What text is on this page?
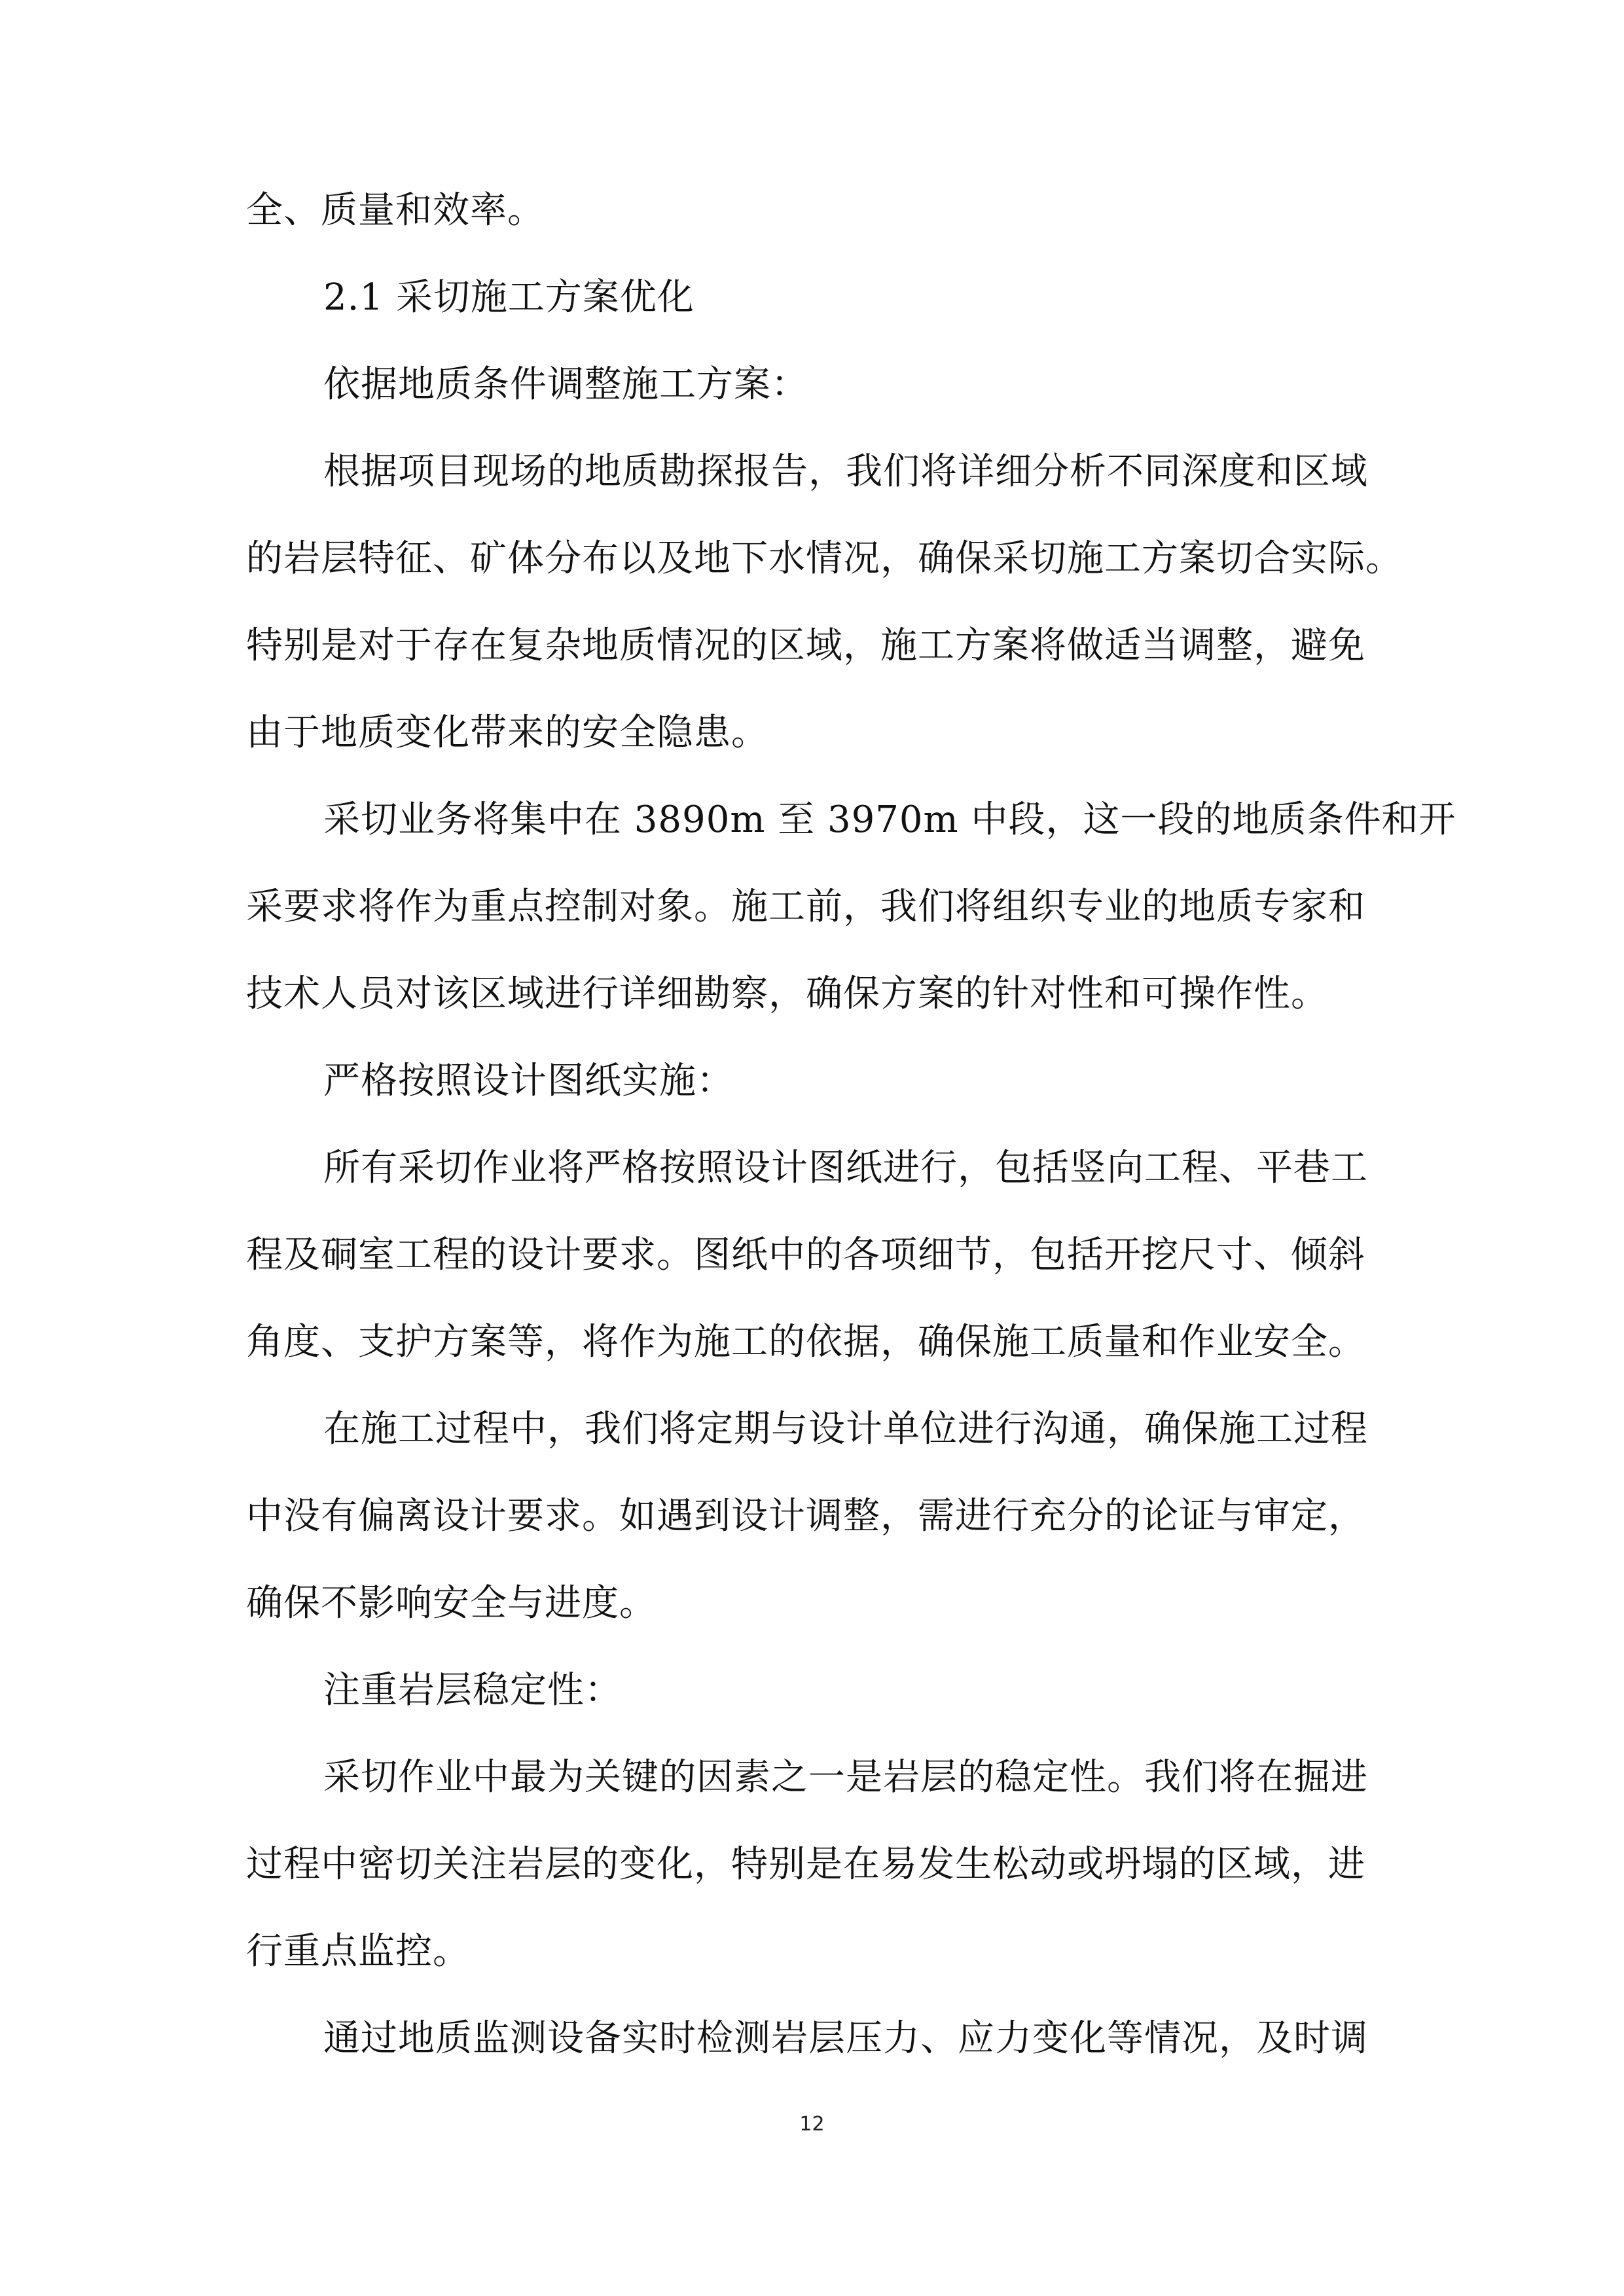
全、质量和效率。
2.1 采切施工方案优化
依据地质条件调整施工方案：
根据项目现场的地质勘探报告，我们将详细分析不同深度和区域
的岩层特征、矿体分布以及地下水情况，确保采切施工方案切合实际。
特别是对于存在复杂地质情况的区域，施工方案将做适当调整，避免
由于地质变化带来的安全隐患。
采切业务将集中在 3890m 至 3970m 中段，这一段的地质条件和开
采要求将作为重点控制对象。施工前，我们将组织专业的地质专家和
技术人员对该区域进行详细勘察，确保方案的针对性和可操作性。
严格按照设计图纸实施：
所有采切作业将严格按照设计图纸进行，包括竖向工程、平巷工
程及硐室工程的设计要求。图纸中的各项细节，包括开挖尺寸、倾斜
角度、支护方案等，将作为施工的依据，确保施工质量和作业安全。
在施工过程中，我们将定期与设计单位进行沟通，确保施工过程
中没有偏离设计要求。如遇到设计调整，需进行充分的论证与审定，
确保不影响安全与进度。
注重岩层稳定性：
采切作业中最为关键的因素之一是岩层的稳定性。我们将在掘进
过程中密切关注岩层的变化，特别是在易发生松动或坍塌的区域，进
行重点监控。
通过地质监测设备实时检测岩层压力、应力变化等情况，及时调
12
